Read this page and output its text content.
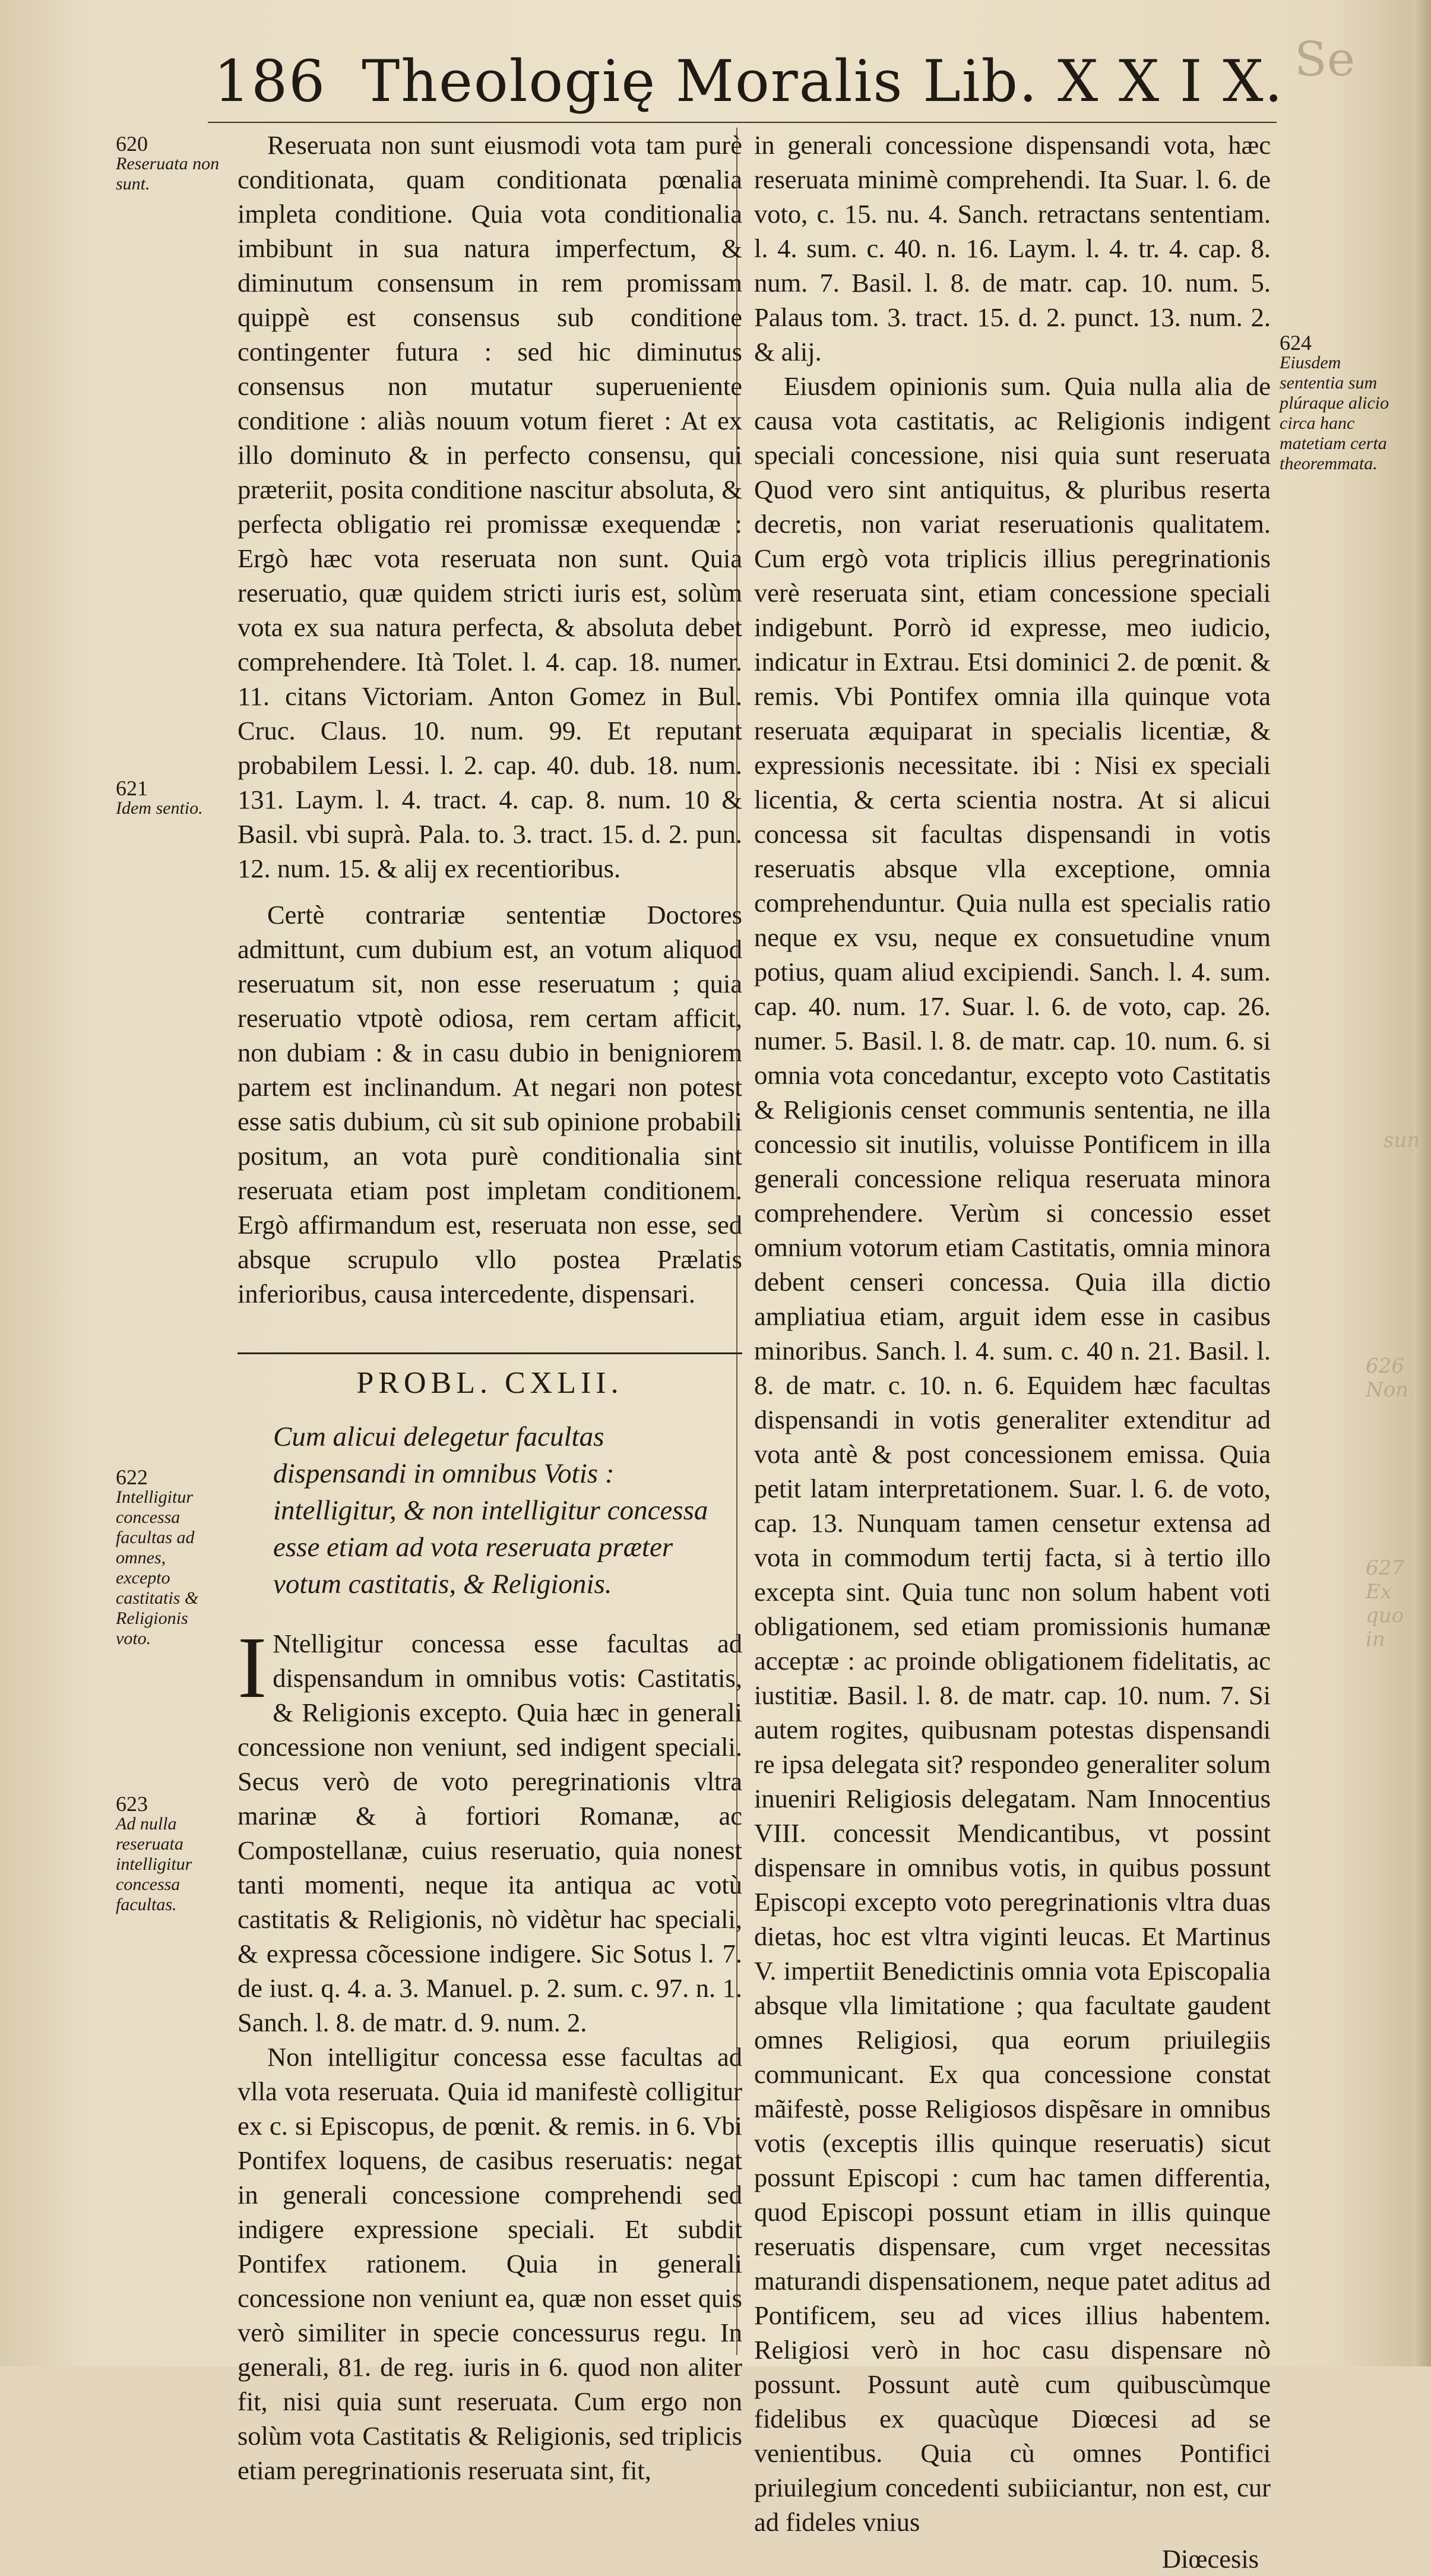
186 Theologię Moralis Lib. X X I X. Se
sun
626 Non
627 Ex quo in
620
Reseruata non sunt.
621
Idem sentio.
622
Intelligitur concessa facultas ad omnes, excepto castitatis & Religionis voto.
623
Ad nulla reseruata intelligitur concessa facultas.
624
Eiusdem sententia sum plúraque alicio circa hanc matetiam certa theoremmata.

Reseruata non sunt eiusmodi vota tam purè conditionata, quam conditionata pœnalia impleta conditione. Quia vota conditionalia imbibunt in sua natura imperfectum, & diminutum consensum in rem promissam quippè est consensus sub conditione contingenter futura : sed hic diminutus consensus non mutatur superueniente conditione : aliàs nouum votum fieret : At ex illo dominuto & in perfecto consensu, qui præteriit, posita conditione nascitur absoluta, & perfecta obligatio rei promissæ exequendæ : Ergò hæc vota reseruata non sunt. Quia reseruatio, quæ quidem stricti iuris est, solùm vota ex sua natura perfecta, & absoluta debet comprehendere. Ità Tolet. l. 4. cap. 18. numer. 11. citans Victoriam. Anton Gomez in Bul. Cruc. Claus. 10. num. 99. Et reputant probabilem Lessi. l. 2. cap. 40. dub. 18. num. 131. Laym. l. 4. tract. 4. cap. 8. num. 10 & Basil. vbi suprà. Pala. to. 3. tract. 15. d. 2. pun. 12. num. 15. & alij ex recentioribus.

Certè contrariæ sententiæ Doctores admittunt, cum dubium est, an votum aliquod reseruatum sit, non esse reseruatum ; quia reseruatio vtpotè odiosa, rem certam afficit, non dubiam : & in casu dubio in benigniorem partem est inclinandum. At negari non potest esse satis dubium, cù sit sub opinione probabili positum, an vota purè conditionalia sint reseruata etiam post impletam conditionem. Ergò affirmandum est, reseruata non esse, sed absque scrupulo vllo postea Prælatis inferioribus, causa intercedente, dispensari.

PROBL. CXLII.
Cum alicui delegetur facultas dispensandi in omnibus Votis : intelligitur, & non intelligitur concessa esse etiam ad vota reseruata præter votum castitatis, & Religionis.

I Ntelligitur concessa esse facultas ad dispensandum in omnibus votis: Castitatis, & Religionis excepto. Quia hæc in generali concessione non veniunt, sed indigent speciali. Secus verò de voto peregrinationis vltra marinæ & à fortiori Romanæ, ac Compostellanæ, cuius reseruatio, quia nonest tanti momenti, neque ita antiqua ac votù castitatis & Religionis, nò vidètur hac speciali, & expressa cõcessione indigere. Sic Sotus l. 7. de iust. q. 4. a. 3. Manuel. p. 2. sum. c. 97. n. 1. Sanch. l. 8. de matr. d. 9. num. 2.

Non intelligitur concessa esse facultas ad vlla vota reseruata. Quia id manifestè colligitur ex c. si Episcopus, de pœnit. & remis. in 6. Vbi Pontifex loquens, de casibus reseruatis: negat in generali concessione comprehendi sed indigere expressione speciali. Et subdit Pontifex rationem. Quia in generali concessione non veniunt ea, quæ non esset quis verò similiter in specie concessurus regu. In generali, 81. de reg. iuris in 6. quod non aliter fit, nisi quia sunt reseruata. Cum ergo non solùm vota Castitatis & Religionis, sed triplicis etiam peregrinationis reseruata sint, fit,

in generali concessione dispensandi vota, hæc reseruata minimè comprehendi. Ita Suar. l. 6. de voto, c. 15. nu. 4. Sanch. retractans sententiam. l. 4. sum. c. 40. n. 16. Laym. l. 4. tr. 4. cap. 8. num. 7. Basil. l. 8. de matr. cap. 10. num. 5. Palaus tom. 3. tract. 15. d. 2. punct. 13. num. 2. & alij.

Eiusdem opinionis sum. Quia nulla alia de causa vota castitatis, ac Religionis indigent speciali concessione, nisi quia sunt reseruata Quod vero sint antiquitus, & pluribus reserta decretis, non variat reseruationis qualitatem. Cum ergò vota triplicis illius peregrinationis verè reseruata sint, etiam concessione speciali indigebunt. Porrò id expresse, meo iudicio, indicatur in Extrau. Etsi dominici 2. de pœnit. & remis. Vbi Pontifex omnia illa quinque vota reseruata æquiparat in specialis licentiæ, & expressionis necessitate. ibi : Nisi ex speciali licentia, & certa scientia nostra. At si alicui concessa sit facultas dispensandi in votis reseruatis absque vlla exceptione, omnia comprehenduntur. Quia nulla est specialis ratio neque ex vsu, neque ex consuetudine vnum potius, quam aliud excipiendi. Sanch. l. 4. sum. cap. 40. num. 17. Suar. l. 6. de voto, cap. 26. numer. 5. Basil. l. 8. de matr. cap. 10. num. 6. si omnia vota concedantur, excepto voto Castitatis & Religionis censet communis sententia, ne illa concessio sit inutilis, voluisse Pontificem in illa generali concessione reliqua reseruata minora comprehendere. Verùm si concessio esset omnium votorum etiam Castitatis, omnia minora debent censeri concessa. Quia illa dictio ampliatiua etiam, arguit idem esse in casibus minoribus. Sanch. l. 4. sum. c. 40 n. 21. Basil. l. 8. de matr. c. 10. n. 6. Equidem hæc facultas dispensandi in votis generaliter extenditur ad vota antè & post concessionem emissa. Quia petit latam interpretationem. Suar. l. 6. de voto, cap. 13. Nunquam tamen censetur extensa ad vota in commodum tertij facta, si à tertio illo excepta sint. Quia tunc non solum habent voti obligationem, sed etiam promissionis humanæ acceptæ : ac proinde obligationem fidelitatis, ac iustitiæ. Basil. l. 8. de matr. cap. 10. num. 7. Si autem rogites, quibusnam potestas dispensandi re ipsa delegata sit? respondeo generaliter solum inueniri Religiosis delegatam. Nam Innocentius VIII. concessit Mendicantibus, vt possint dispensare in omnibus votis, in quibus possunt Episcopi excepto voto peregrinationis vltra duas dietas, hoc est vltra viginti leucas. Et Martinus V. impertiit Benedictinis omnia vota Episcopalia absque vlla limitatione ; qua facultate gaudent omnes Religiosi, qua eorum priuilegiis communicant. Ex qua concessione constat mãifestè, posse Religiosos dispẽsare in omnibus votis (exceptis illis quinque reseruatis) sicut possunt Episcopi : cum hac tamen differentia, quod Episcopi possunt etiam in illis quinque reseruatis dispensare, cum vrget necessitas maturandi dispensationem, neque patet aditus ad Pontificem, seu ad vices illius habentem. Religiosi verò in hoc casu dispensare nò possunt. Possunt autè cum quibuscùmque fidelibus ex quacùque Diœcesi ad se venientibus. Quia cù omnes Pontifici priuilegium concedenti subiiciantur, non est, cur ad fideles vnius

Diœcesis
